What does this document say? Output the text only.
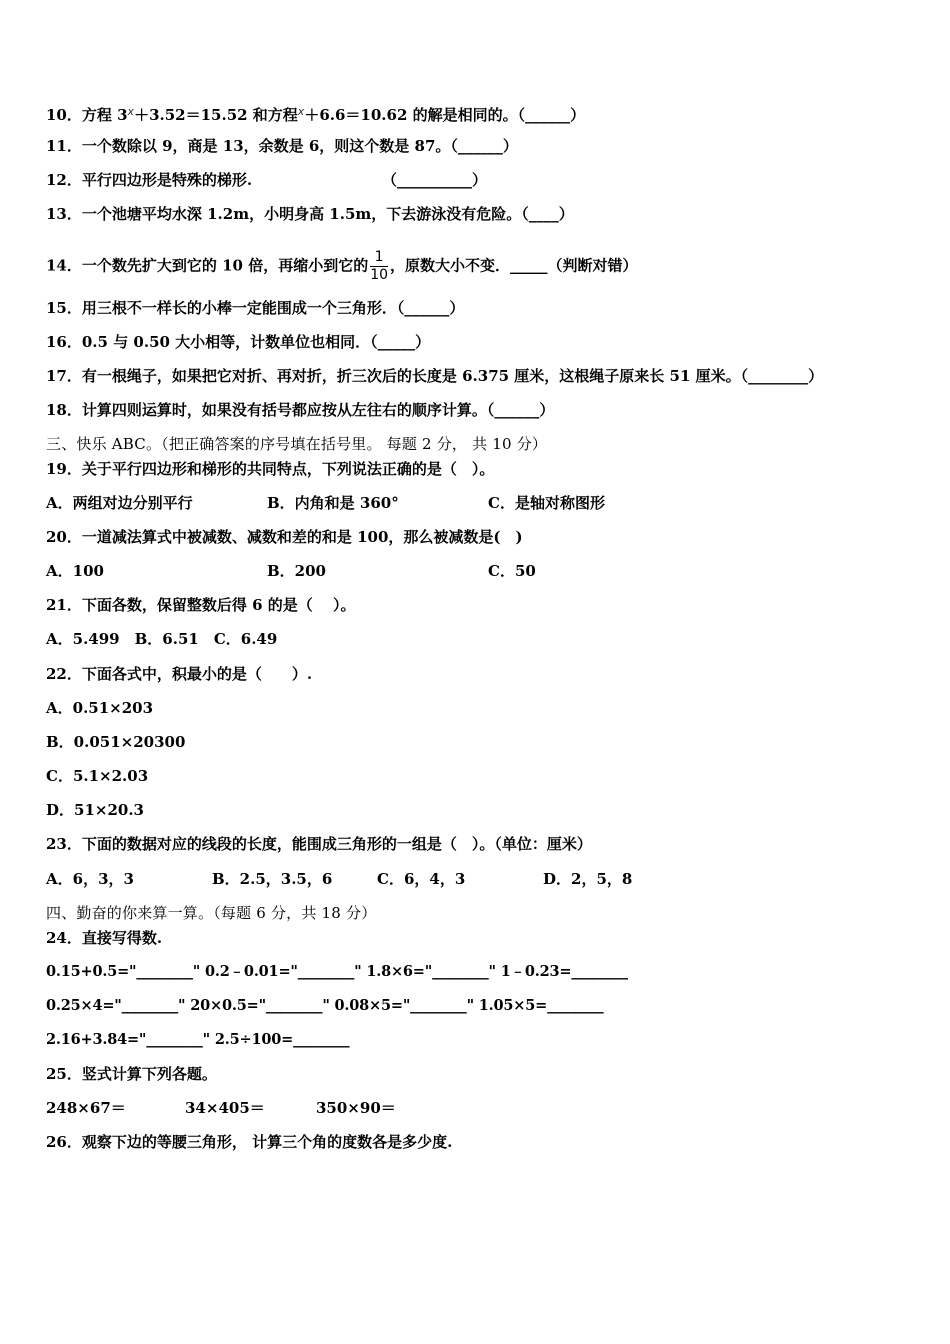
10．方程 $3^x+3.52=15.52$ 和方程$^x$＋6.6＝10.62 的解是相同的。（______）
11．一个数除以 9，商是 13，余数是 6，则这个数是 87。（______）
12．平行四边形是特殊的梯形.	（__________）
13．一个池塘平均水深 1.2m，小明身高 1.5m，下去游泳没有危险。（____）
14．一个数先扩大到它的 10 倍，再缩小到它的 $\frac{1}{10}$ ，原数大小不变．_____（判断对错）
15．用三根不一样长的小棒一定能围成一个三角形．（______）
16．0.5 与 0.50 大小相等，计数单位也相同．（_____）
17．有一根绳子，如果把它对折、再对折，折三次后的长度是 6.375 厘米，这根绳子原来长 51 厘米。（________）
18．计算四则运算时，如果没有括号都应按从左往右的顺序计算。（______）
三、快乐 ABC。（把正确答案的序号填在括号里。 每题 2 分， 共 10 分）
19．关于平行四边形和梯形的共同特点，下列说法正确的是（　）。
A．两组对边分别平行	B．内角和是 360°	C．是轴对称图形
20．一道减法算式中被减数、减数和差的和是 100，那么被减数是(　)
A．100	B．200	C．50
21．下面各数，保留整数后得 6 的是（　 ）。
A．5.499　B．6.51　C．6.49
22．下面各式中，积最小的是（　　）.
A．0.51×203
B．0.051×20300
C．5.1×2.03
D．51×20.3
23．下面的数据对应的线段的长度，能围成三角形的一组是（　）。（单位：厘米）
A．6，3，3	B．2.5，3.5，6	C．6，4，3	D．2，5，8
四、勤奋的你来算一算。（每题 6 分，共 18 分）
24．直接写得数.
0.15+0.5="________" 0.2﹣0.01="________" 1.8×6="________" 1﹣0.23=________
0.25×4="________" 20×0.5="________" 0.08×5="________" 1.05×5=________
2.16+3.84="________" 2.5÷100=________
25．竖式计算下列各题。
248×67＝	34×405＝	350×90＝
26．观察下边的等腰三角形， 计算三个角的度数各是多少度.
